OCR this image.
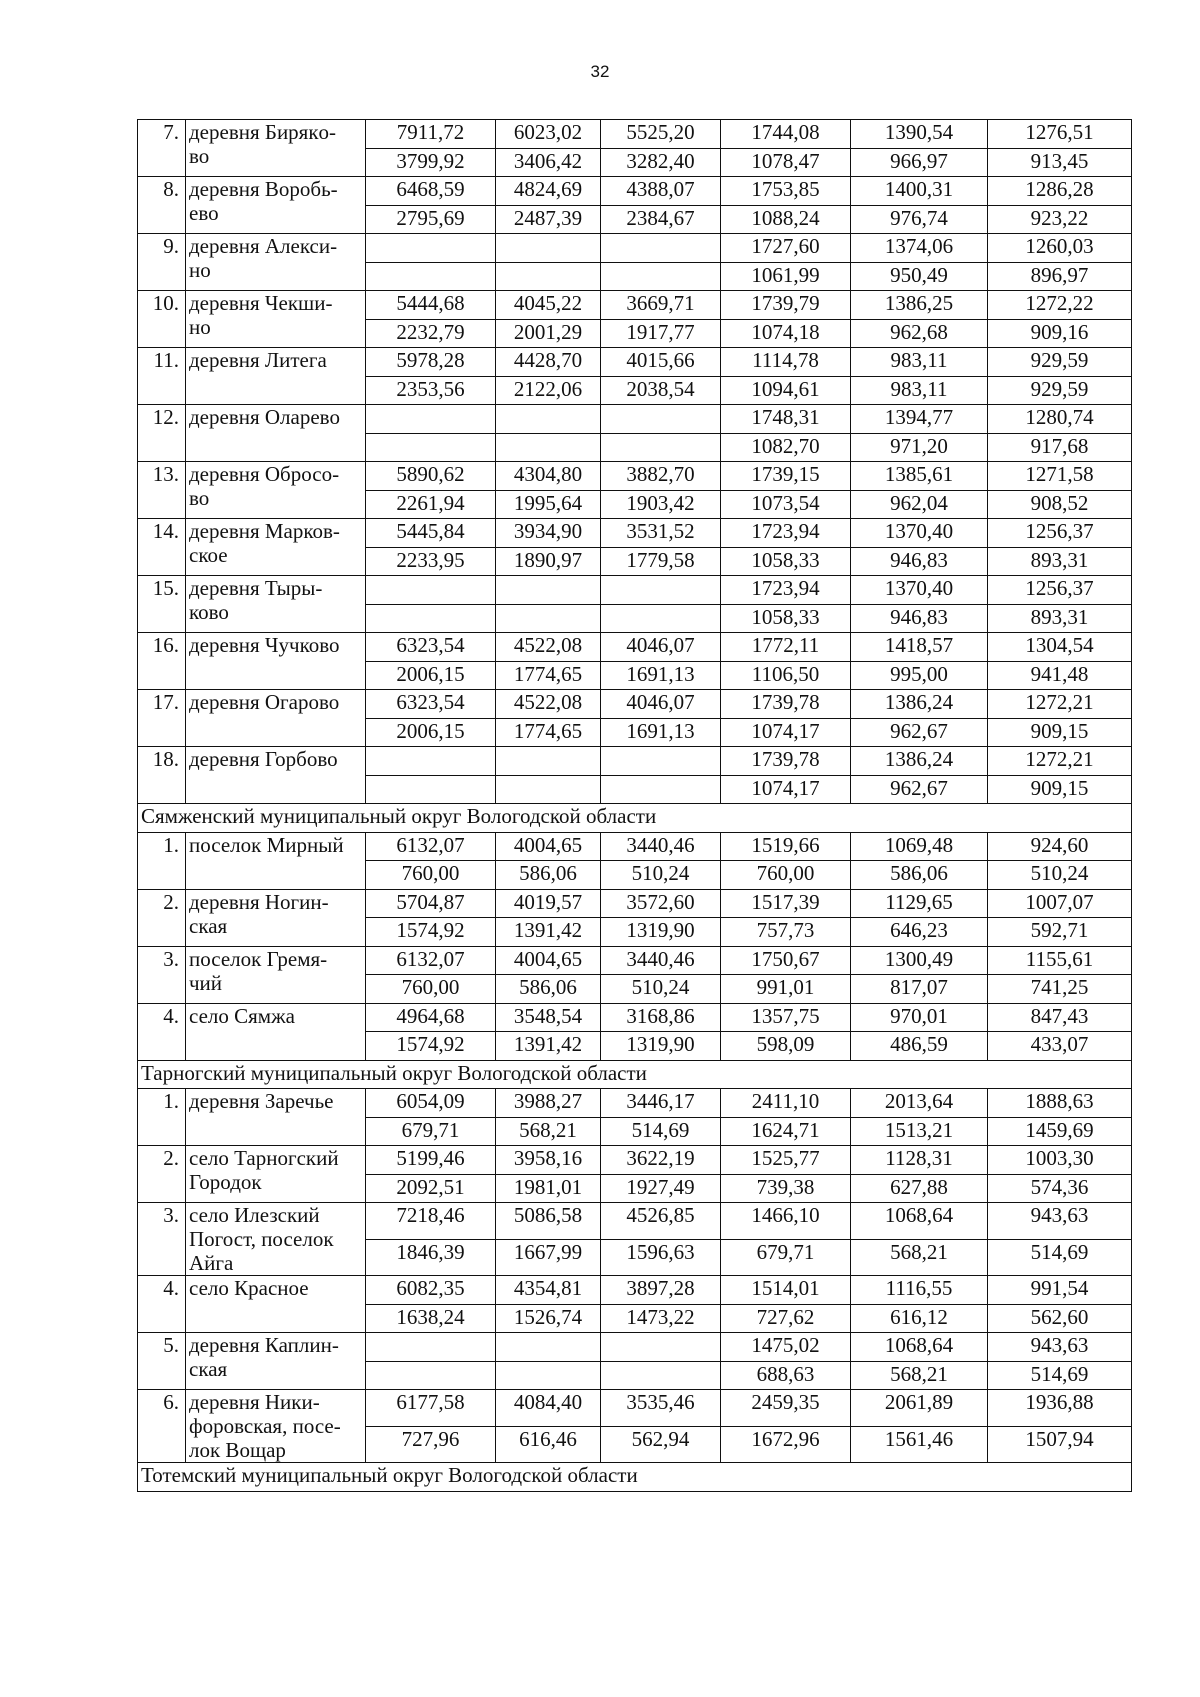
32
7.	деревня Бирякo-
во	7911,72	6023,02	5525,20	1744,08	1390,54	1276,51
		3799,92	3406,42	3282,40	1078,47	966,97	913,45
8.	деревня Воробь-
ево	6468,59	4824,69	4388,07	1753,85	1400,31	1286,28
		2795,69	2487,39	2384,67	1088,24	976,74	923,22
9.	деревня Алекси-
но				1727,60	1374,06	1260,03
					1061,99	950,49	896,97
10.	деревня Чекши-
но	5444,68	4045,22	3669,71	1739,79	1386,25	1272,22
		2232,79	2001,29	1917,77	1074,18	962,68	909,16
11.	деревня Литега	5978,28	4428,70	4015,66	1114,78	983,11	929,59
		2353,56	2122,06	2038,54	1094,61	983,11	929,59
12.	деревня Оларево				1748,31	1394,77	1280,74
					1082,70	971,20	917,68
13.	деревня Обросо-
во	5890,62	4304,80	3882,70	1739,15	1385,61	1271,58
		2261,94	1995,64	1903,42	1073,54	962,04	908,52
14.	деревня Марков-
ское	5445,84	3934,90	3531,52	1723,94	1370,40	1256,37
		2233,95	1890,97	1779,58	1058,33	946,83	893,31
15.	деревня Тыры-
ково				1723,94	1370,40	1256,37
					1058,33	946,83	893,31
16.	деревня Чучково	6323,54	4522,08	4046,07	1772,11	1418,57	1304,54
		2006,15	1774,65	1691,13	1106,50	995,00	941,48
17.	деревня Огарово	6323,54	4522,08	4046,07	1739,78	1386,24	1272,21
		2006,15	1774,65	1691,13	1074,17	962,67	909,15
18.	деревня Горбово				1739,78	1386,24	1272,21
					1074,17	962,67	909,15
Сямженский муниципальный округ Вологодской области							
1.	поселок Мирный	6132,07	4004,65	3440,46	1519,66	1069,48	924,60
		760,00	586,06	510,24	760,00	586,06	510,24
2.	деревня Ногин-
ская	5704,87	4019,57	3572,60	1517,39	1129,65	1007,07
		1574,92	1391,42	1319,90	757,73	646,23	592,71
3.	поселок Гремя-
чий	6132,07	4004,65	3440,46	1750,67	1300,49	1155,61
		760,00	586,06	510,24	991,01	817,07	741,25
4.	село Сямжа	4964,68	3548,54	3168,86	1357,75	970,01	847,43
		1574,92	1391,42	1319,90	598,09	486,59	433,07
Тарногский муниципальный округ Вологодской области							
1.	деревня Заречье	6054,09	3988,27	3446,17	2411,10	2013,64	1888,63
		679,71	568,21	514,69	1624,71	1513,21	1459,69
2.	село Тарногский
Городок	5199,46	3958,16	3622,19	1525,77	1128,31	1003,30
		2092,51	1981,01	1927,49	739,38	627,88	574,36
3.	село Илезский
Погост, поселок
Айга	7218,46	5086,58	4526,85	1466,10	1068,64	943,63
		1846,39	1667,99	1596,63	679,71	568,21	514,69
4.	село Красное	6082,35	4354,81	3897,28	1514,01	1116,55	991,54
		1638,24	1526,74	1473,22	727,62	616,12	562,60
5.	деревня Каплин-
ская				1475,02	1068,64	943,63
					688,63	568,21	514,69
6.	деревня Ники-
форовская, посе-
лок Вощар	6177,58	4084,40	3535,46	2459,35	2061,89	1936,88
		727,96	616,46	562,94	1672,96	1561,46	1507,94
Тотемский муниципальный округ Вологодской области							
